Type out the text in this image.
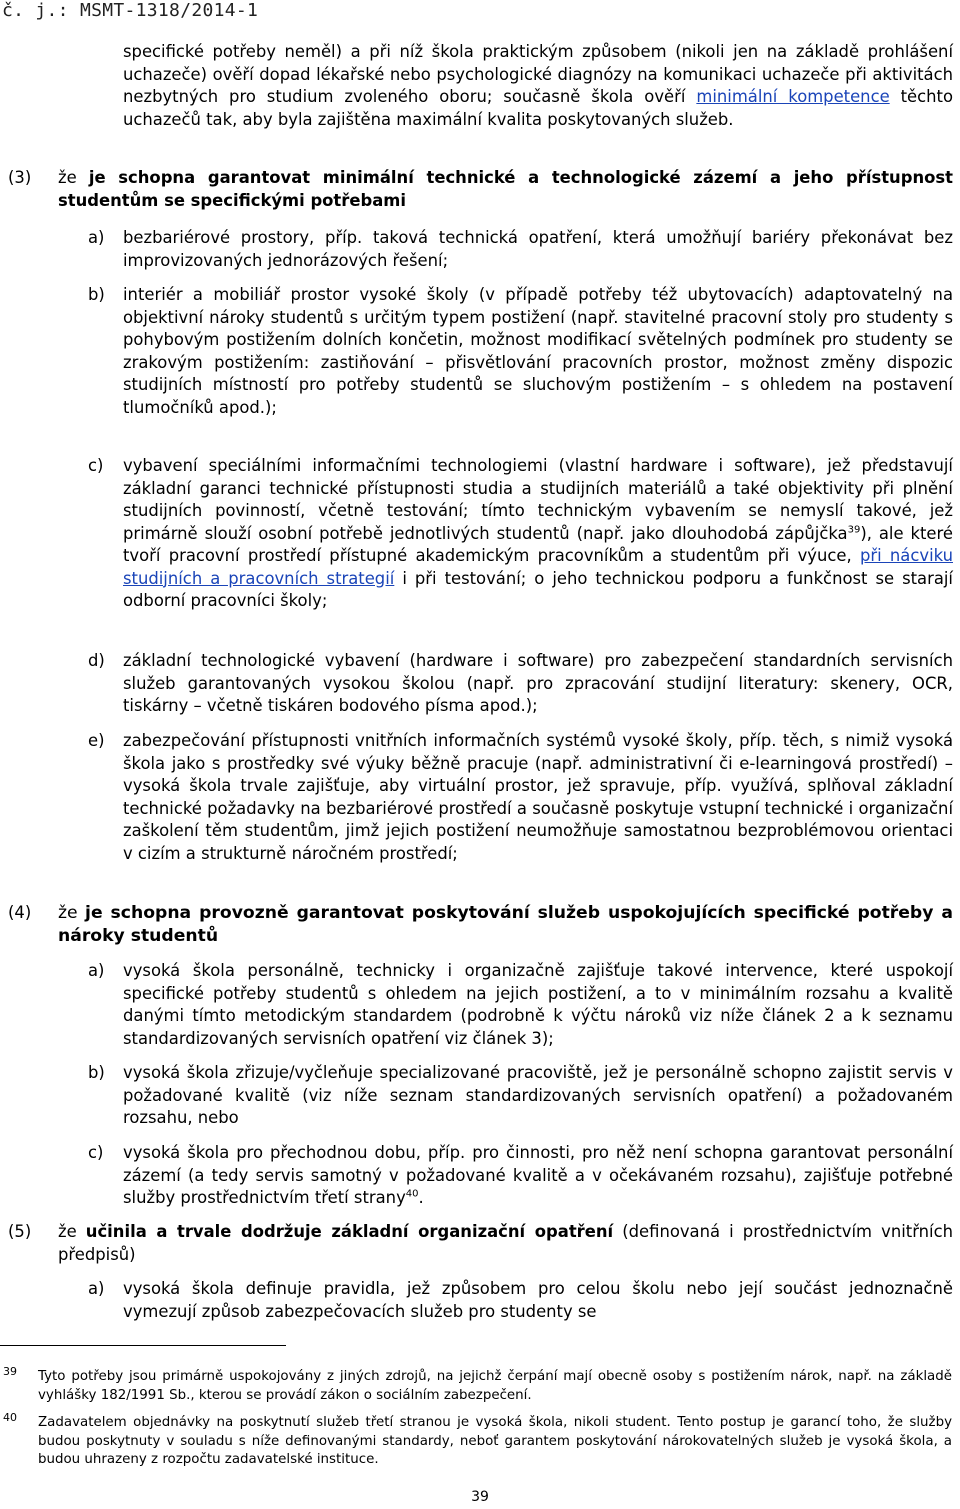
č. j.: MSMT-1318/2014-1

specifické potřeby neměl) a při níž škola praktickým způsobem (nikoli jen na základě prohlášení uchazeče) ověří dopad lékařské nebo psychologické diagnózy na komunikaci uchazeče při aktivitách nezbytných pro studium zvoleného oboru; současně škola ověří minimální kompetence těchto uchazečů tak, aby byla zajištěna maximální kvalita poskytovaných služeb.

(3)	že je schopna garantovat minimální technické a technologické zázemí a jeho přístupnost studentům se specifickými potřebami

a)	bezbariérové prostory, příp. taková technická opatření, která umožňují bariéry překonávat bez improvizovaných jednorázových řešení;

b)	interiér a mobiliář prostor vysoké školy (v případě potřeby též ubytovacích) adaptovatelný na objektivní nároky studentů s určitým typem postižení (např. stavitelné pracovní stoly pro studenty s pohybovým postižením dolních končetin, možnost modifikací světelných podmínek pro studenty se zrakovým postižením: zastiňování – přisvětlování pracovních prostor, možnost změny dispozic studijních místností pro potřeby studentů se sluchovým postižením – s ohledem na postavení tlumočníků apod.);

c)	vybavení speciálními informačními technologiemi (vlastní hardware i software), jež představují základní garanci technické přístupnosti studia a studijních materiálů a také objektivity při plnění studijních povinností, včetně testování; tímto technickým vybavením se nemyslí takové, jež primárně slouží osobní potřebě jednotlivých studentů (např. jako dlouhodobá zápůjčka$^{39}$), ale které tvoří pracovní prostředí přístupné akademickým pracovníkům a studentům při výuce, při nácviku studijních a pracovních strategií i při testování; o jeho technickou podporu a funkčnost se starají odborní pracovníci školy;

d)	základní technologické vybavení (hardware i software) pro zabezpečení standardních servisních služeb garantovaných vysokou školou (např. pro zpracování studijní literatury: skenery, OCR, tiskárny – včetně tiskáren bodového písma apod.);

e)	zabezpečování přístupnosti vnitřních informačních systémů vysoké školy, příp. těch, s nimiž vysoká škola jako s prostředky své výuky běžně pracuje (např. administrativní či e-learningová prostředí) – vysoká škola trvale zajišťuje, aby virtuální prostor, jež spravuje, příp. využívá, splňoval základní technické požadavky na bezbariérové prostředí a současně poskytuje vstupní technické i organizační zaškolení těm studentům, jimž jejich postižení neumožňuje samostatnou bezproblémovou orientaci v cizím a strukturně náročném prostředí;

(4)	že je schopna provozně garantovat poskytování služeb uspokojujících specifické potřeby a nároky studentů

a)	vysoká škola personálně, technicky i organizačně zajišťuje takové intervence, které uspokojí specifické potřeby studentů s ohledem na jejich postižení, a to v minimálním rozsahu a kvalitě danými tímto metodickým standardem (podrobně k výčtu nároků viz níže článek 2 a k seznamu standardizovaných servisních opatření viz článek 3);

b)	vysoká škola zřizuje/vyčleňuje specializované pracoviště, jež je personálně schopno zajistit servis v požadované kvalitě (viz níže seznam standardizovaných servisních opatření) a požadovaném rozsahu, nebo

c)	vysoká škola pro přechodnou dobu, příp. pro činnosti, pro něž není schopna garantovat personální zázemí (a tedy servis samotný v požadované kvalitě a v očekávaném rozsahu), zajišťuje potřebné služby prostřednictvím třetí strany$^{40}$.

(5)	že učinila a trvale dodržuje základní organizační opatření (definovaná i prostřednictvím vnitřních předpisů)

a)	vysoká škola definuje pravidla, jež způsobem pro celou školu nebo její součást jednoznačně vymezují způsob zabezpečovacích služeb pro studenty se

39 Tyto potřeby jsou primárně uspokojovány z jiných zdrojů, na jejichž čerpání mají obecně osoby s postižením nárok, např. na základě vyhlášky 182/1991 Sb., kterou se provádí zákon o sociálním zabezpečení.

40 Zadavatelem objednávky na poskytnutí služeb třetí stranou je vysoká škola, nikoli student. Tento postup je garancí toho, že služby budou poskytnuty v souladu s níže definovanými standardy, neboť garantem poskytování nárokovatelných služeb je vysoká škola, a budou uhrazeny z rozpočtu zadavatelské instituce.

39
